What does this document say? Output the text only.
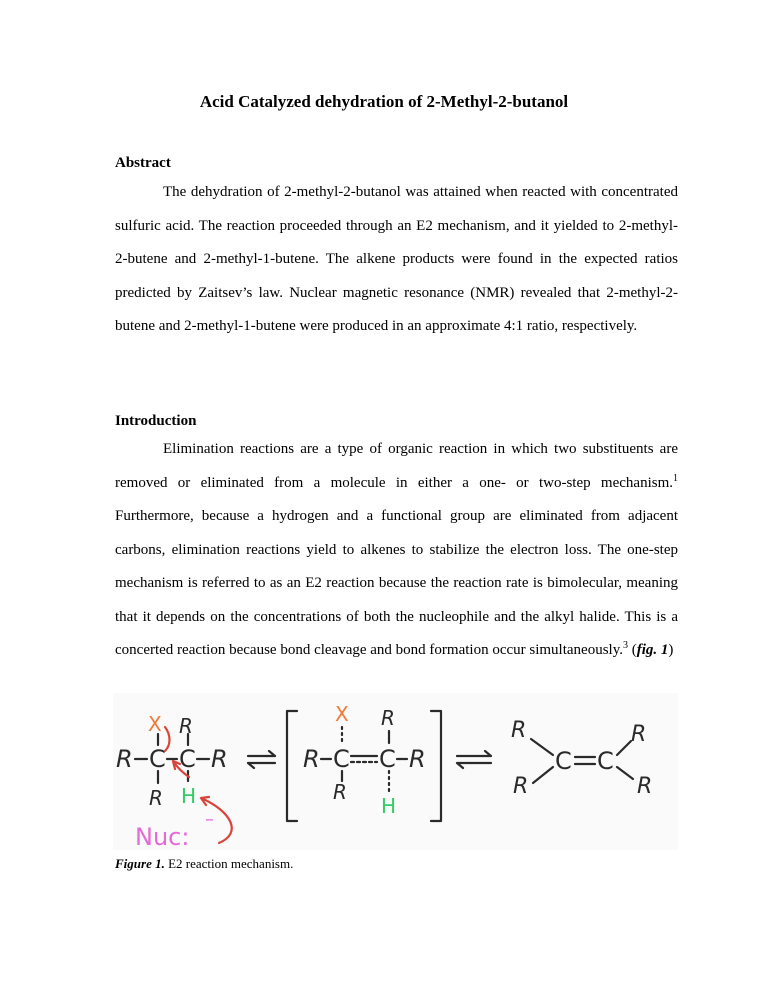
Acid Catalyzed dehydration of 2-Methyl-2-butanol
Abstract
The dehydration of 2-methyl-2-butanol was attained when reacted with concentrated sulfuric acid. The reaction proceeded through an E2 mechanism, and it yielded to 2-methyl-2-butene and 2-methyl-1-butene. The alkene products were found in the expected ratios predicted by Zaitsev’s law. Nuclear magnetic resonance (NMR) revealed that 2-methyl-2-butene and 2-methyl-1-butene were produced in an approximate 4:1 ratio, respectively.
Introduction
Elimination reactions are a type of organic reaction in which two substituents are removed or eliminated from a molecule in either a one- or two-step mechanism.$^1$ Furthermore, because a hydrogen and a functional group are eliminated from adjacent carbons, elimination reactions yield to alkenes to stabilize the electron loss. The one-step mechanism is referred to as an E2 reaction because the reaction rate is bimolecular, meaning that it depends on the concentrations of both the nucleophile and the alkyl halide. This is a concerted reaction because bond cleavage and bond formation occur simultaneously.$^3$ (fig. 1)
R C C R
X R
R H
Nuc:
–
R C C R
X R
R
H
R
R
C C
R
R
Figure 1. E2 reaction mechanism.
